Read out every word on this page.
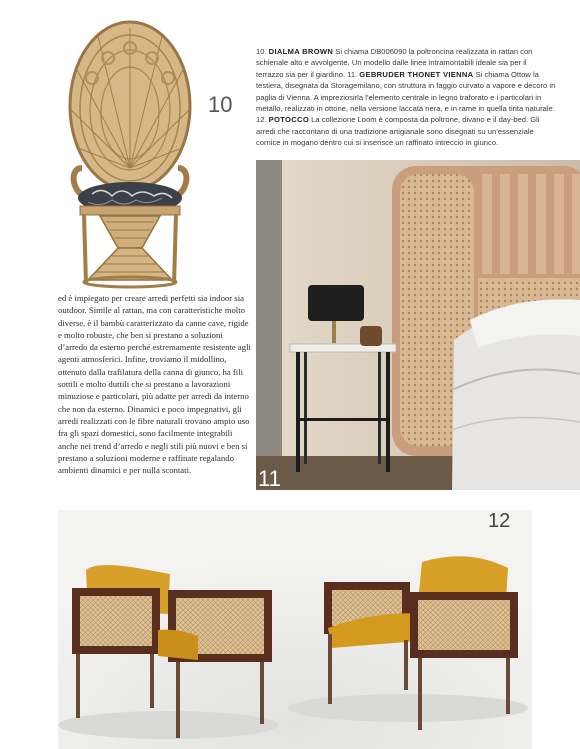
10

10. DIALMA BROWN Si chiama DB006090 la poltroncina realizzata in rattan con schienale alto e avvolgente. Un modello dalle linee intramontabili ideale sia per il terrazzo sia per il giardino. 11. GEBRUDER THONET VIENNA Si chiama Ottow la testiera, disegnata da Storagemilano, con struttura in faggio curvato a vapore e decoro in paglia di Vienna. A impreziosirla l’elemento centrale in legno traforato e i particolari in metallo, realizzati in ottone, nella versione laccata nera, e in rame in quella tinta naturale. 12. POTOCCO La collezione Loom è composta da poltrone, divano e il day-bed. Gli arredi che raccontano di una tradizione artigianale sono disegnati su un’essenziale cornice in mogano dentro cui si inserisce un raffinato intreccio in giunco.

11

ed è impiegato per creare arredi perfetti sia indoor sia outdoor. Simile al rattan, ma con caratteristiche molto diverse, è il bambù caratterizzato da canne cave, rigide e molto robuste, che ben si prestano a soluzioni d’arredo da esterno perché estremamente resistente agli agenti atmosferici. Infine, troviamo il midollino, ottenuto dalla trafilatura della canna di giunco, ha fili sottili e molto duttili che si prestano a lavorazioni minuziose e particolari, più adatte per arredi da interno che non da esterno. Dinamici e poco impegnativi, gli arredi realizzati con le fibre naturali trovano ampio uso fra gli spazi domestici, sono facilmente integrabili anche nei trend d’arredo e negli stili più nuovi e ben si prestano a soluzioni moderne e raffinate regalando ambienti dinamici e per nulla scontati.

12
